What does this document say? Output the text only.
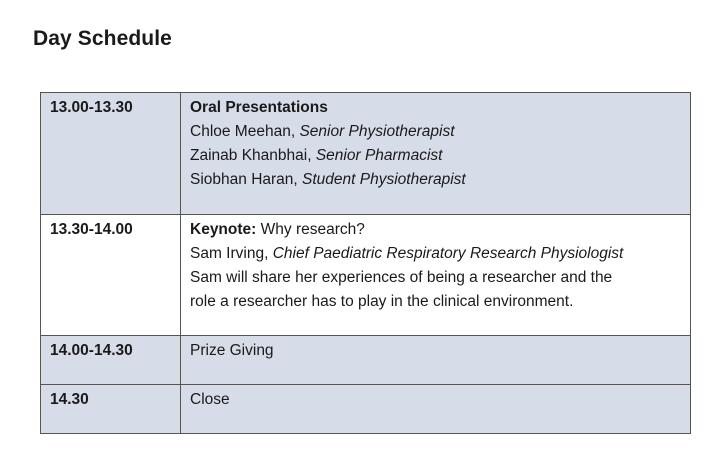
Day Schedule
13.00-13.30	Oral Presentations
Chloe Meehan, Senior Physiotherapist
Zainab Khanbhai, Senior Pharmacist
Siobhan Haran, Student Physiotherapist

13.30-14.00	Keynote: Why research?
Sam Irving, Chief Paediatric Respiratory Research Physiologist
Sam will share her experiences of being a researcher and the
role a researcher has to play in the clinical environment.

14.00-14.30	Prize Giving
14.30	Close
